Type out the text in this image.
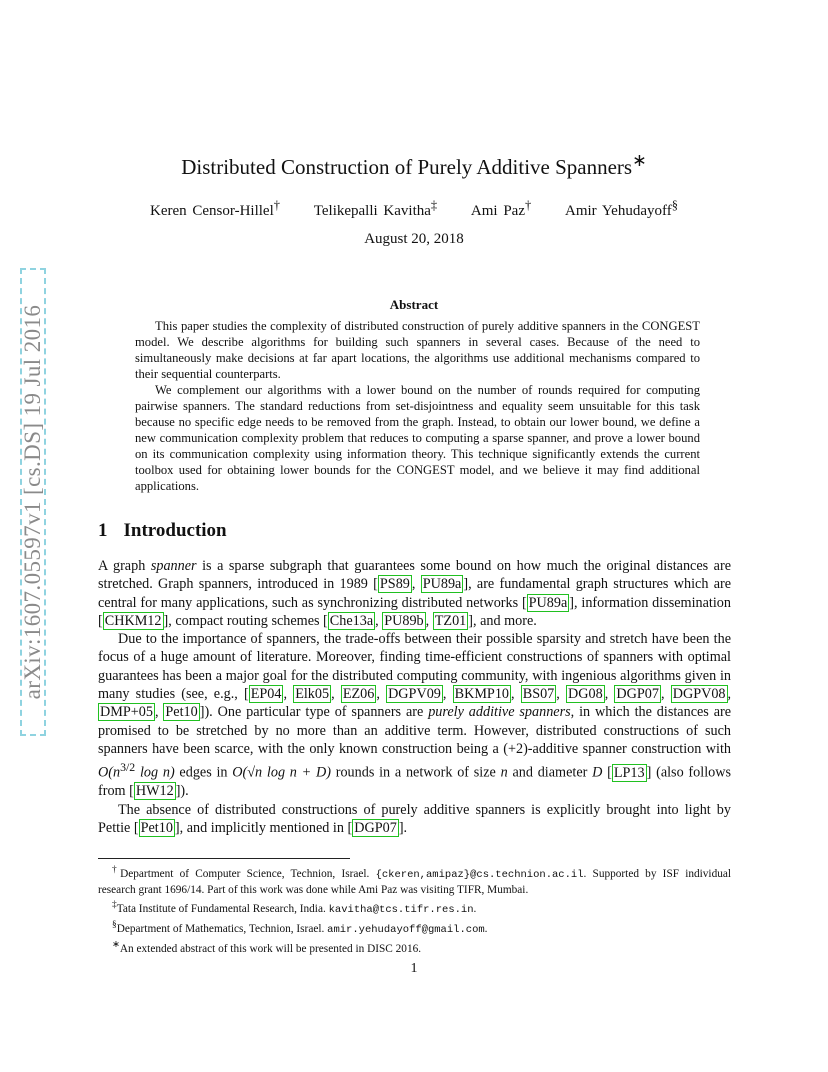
arXiv:1607.05597v1 [cs.DS] 19 Jul 2016
Distributed Construction of Purely Additive Spanners∗
Keren Censor-Hillel† Telikepalli Kavitha‡ Ami Paz† Amir Yehudayoff§
August 20, 2018
Abstract

This paper studies the complexity of distributed construction of purely additive spanners in the CONGEST model. We describe algorithms for building such spanners in several cases. Because of the need to simultaneously make decisions at far apart locations, the algorithms use additional mechanisms compared to their sequential counterparts.

We complement our algorithms with a lower bound on the number of rounds required for computing pairwise spanners. The standard reductions from set-disjointness and equality seem unsuitable for this task because no specific edge needs to be removed from the graph. Instead, to obtain our lower bound, we define a new communication complexity problem that reduces to computing a sparse spanner, and prove a lower bound on its communication complexity using information theory. This technique significantly extends the current toolbox used for obtaining lower bounds for the CONGEST model, and we believe it may find additional applications.

1 Introduction

A graph spanner is a sparse subgraph that guarantees some bound on how much the original distances are stretched. Graph spanners, introduced in 1989 [ PS89 , PU89a ], are fundamental graph structures which are central for many applications, such as synchronizing distributed networks [ PU89a ], information dissemination [ CHKM12 ], compact routing schemes [ Che13a , PU89b , TZ01 ], and more.

Due to the importance of spanners, the trade-offs between their possible sparsity and stretch have been the focus of a huge amount of literature. Moreover, finding time-efficient constructions of spanners with optimal guarantees has been a major goal for the distributed computing community, with ingenious algorithms given in many studies (see, e.g., [ EP04 , Elk05 , EZ06 , DGPV09 , BKMP10 , BS07 , DG08 , DGP07 , DGPV08 , DMP+05 , Pet10 ]). One particular type of spanners are purely additive spanners, in which the distances are promised to be stretched by no more than an additive term. However, distributed constructions of such spanners have been scarce, with the only known construction being a (+2)-additive spanner construction with $O(n^{3/2}$ log n) edges in O(√n log n + D) rounds in a network of size n and diameter D [ LP13 ] (also follows from [ HW12 ]).

The absence of distributed constructions of purely additive spanners is explicitly brought into light by Pettie [ Pet10 ], and implicitly mentioned in [ DGP07 ].

†Department of Computer Science, Technion, Israel. {ckeren,amipaz}@cs.technion.ac.il. Supported by ISF individual research grant 1696/14. Part of this work was done while Ami Paz was visiting TIFR, Mumbai.
‡Tata Institute of Fundamental Research, India. kavitha@tcs.tifr.res.in.
§Department of Mathematics, Technion, Israel. amir.yehudayoff@gmail.com.
∗An extended abstract of this work will be presented in DISC 2016.
1
